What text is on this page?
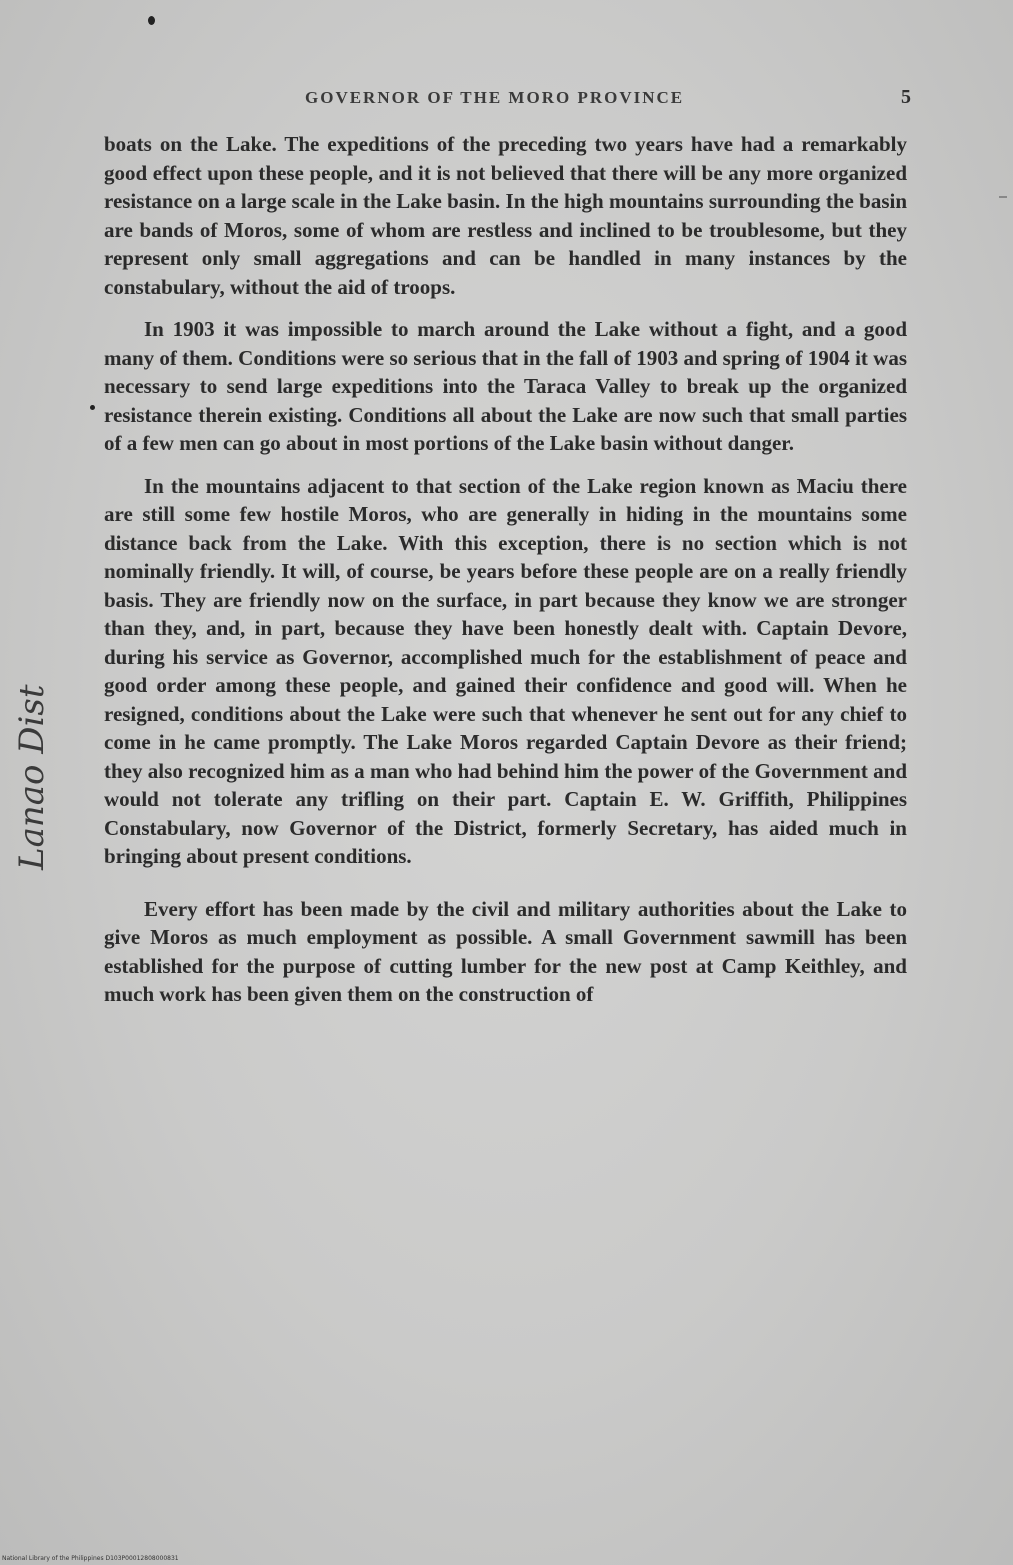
GOVERNOR OF THE MORO PROVINCE	5

boats on the Lake. The expeditions of the preceding two years have had a remarkably good effect upon these people, and it is not believed that there will be any more organized resistance on a large scale in the Lake basin. In the high mountains surrounding the basin are bands of Moros, some of whom are restless and inclined to be troublesome, but they represent only small aggregations and can be handled in many instances by the constabulary, without the aid of troops.

In 1903 it was impossible to march around the Lake without a fight, and a good many of them. Conditions were so serious that in the fall of 1903 and spring of 1904 it was necessary to send large expeditions into the Taraca Valley to break up the organized resistance therein existing. Conditions all about the Lake are now such that small parties of a few men can go about in most portions of the Lake basin without danger.

In the mountains adjacent to that section of the Lake region known as Maciu there are still some few hostile Moros, who are generally in hiding in the mountains some distance back from the Lake. With this exception, there is no section which is not nominally friendly. It will, of course, be years before these people are on a really friendly basis. They are friendly now on the surface, in part because they know we are stronger than they, and, in part, because they have been honestly dealt with. Captain Devore, during his service as Governor, accomplished much for the establishment of peace and good order among these people, and gained their confidence and good will. When he resigned, conditions about the Lake were such that whenever he sent out for any chief to come in he came promptly. The Lake Moros regarded Captain Devore as their friend; they also recognized him as a man who had behind him the power of the Government and would not tolerate any trifling on their part. Captain E. W. Griffith, Philippines Constabulary, now Governor of the District, formerly Secretary, has aided much in bringing about present conditions.

Every effort has been made by the civil and military authorities about the Lake to give Moros as much employment as possible. A small Government sawmill has been established for the purpose of cutting lumber for the new post at Camp Keithley, and much work has been given them on the construction of

Lanao Dist
National Library of the Philippines D103P00012808000831
